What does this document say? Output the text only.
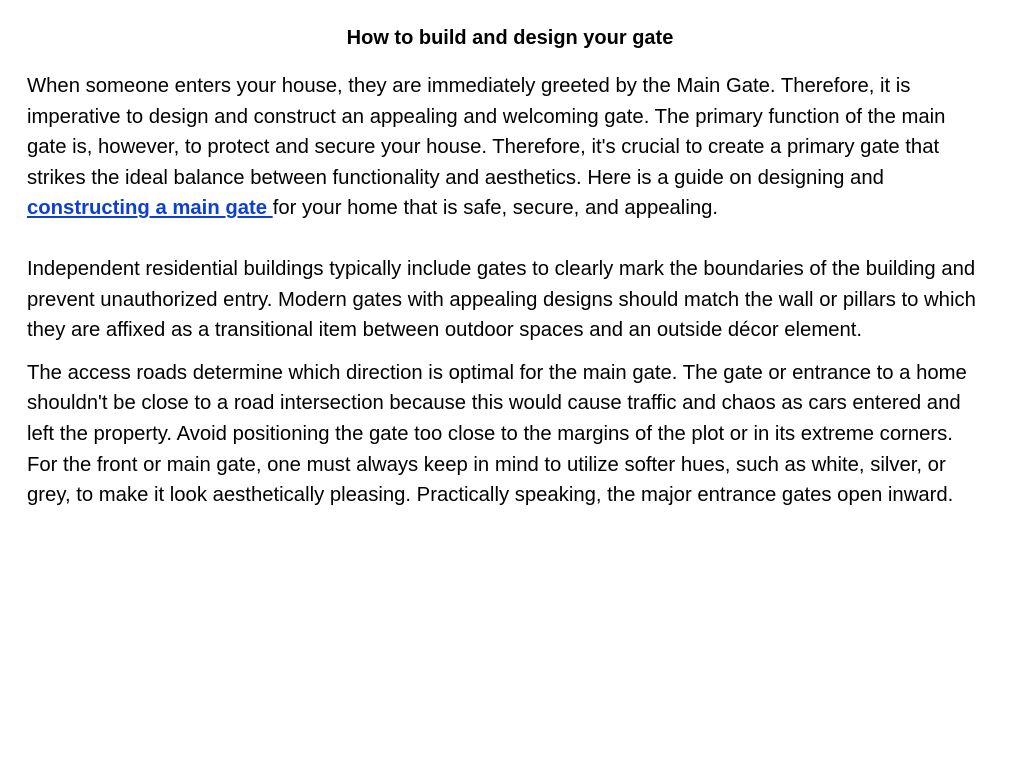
How to build and design your gate

When someone enters your house, they are immediately greeted by the Main Gate. Therefore, it is imperative to design and construct an appealing and welcoming gate. The primary function of the main gate is, however, to protect and secure your house. Therefore, it's crucial to create a primary gate that strikes the ideal balance between functionality and aesthetics. Here is a guide on designing and constructing a main gate for your home that is safe, secure, and appealing.

Independent residential buildings typically include gates to clearly mark the boundaries of the building and prevent unauthorized entry. Modern gates with appealing designs should match the wall or pillars to which they are affixed as a transitional item between outdoor spaces and an outside décor element.

The access roads determine which direction is optimal for the main gate. The gate or entrance to a home shouldn't be close to a road intersection because this would cause traffic and chaos as cars entered and left the property. Avoid positioning the gate too close to the margins of the plot or in its extreme corners. For the front or main gate, one must always keep in mind to utilize softer hues, such as white, silver, or grey, to make it look aesthetically pleasing. Practically speaking, the major entrance gates open inward.
